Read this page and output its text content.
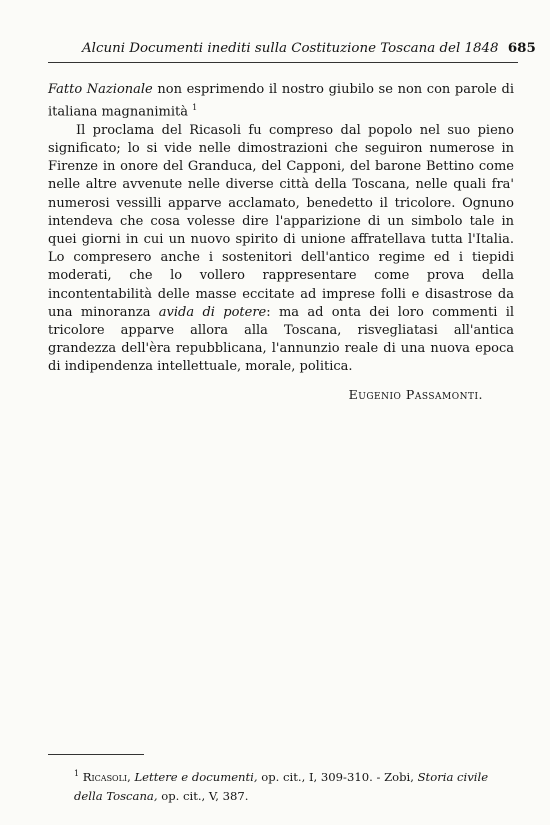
Alcuni Documenti inediti sulla Costituzione Toscana del 1848 685

Fatto Nazionale non esprimendo il nostro giubilo se non con parole di italiana magnanimità $^1$

Il proclama del Ricasoli fu compreso dal popolo nel suo pieno significato; lo si vide nelle dimostrazioni che seguiron numerose in Firenze in onore del Granduca, del Capponi, del barone Bettino come nelle altre avvenute nelle diverse città della Toscana, nelle quali fra' numerosi vessilli apparve acclamato, benedetto il tricolore. Ognuno intendeva che cosa volesse dire l'apparizione di un simbolo tale in quei giorni in cui un nuovo spirito di unione affratellava tutta l'Italia. Lo compresero anche i sostenitori dell'antico regime ed i tiepidi moderati, che lo vollero rappresentare come prova della incontentabilità delle masse eccitate ad imprese folli e disastrose da una minoranza avida di potere: ma ad onta dei loro commenti il tricolore apparve allora alla Toscana, risvegliatasi all'antica grandezza dell'èra repubblicana, l'annunzio reale di una nuova epoca di indipendenza intellettuale, morale, politica.

Eugenio Passamonti.
$^1$ Ricasoli, Lettere e documenti, op. cit., I, 309-310. - Zobi, Storia civile della Toscana, op. cit., V, 387.
